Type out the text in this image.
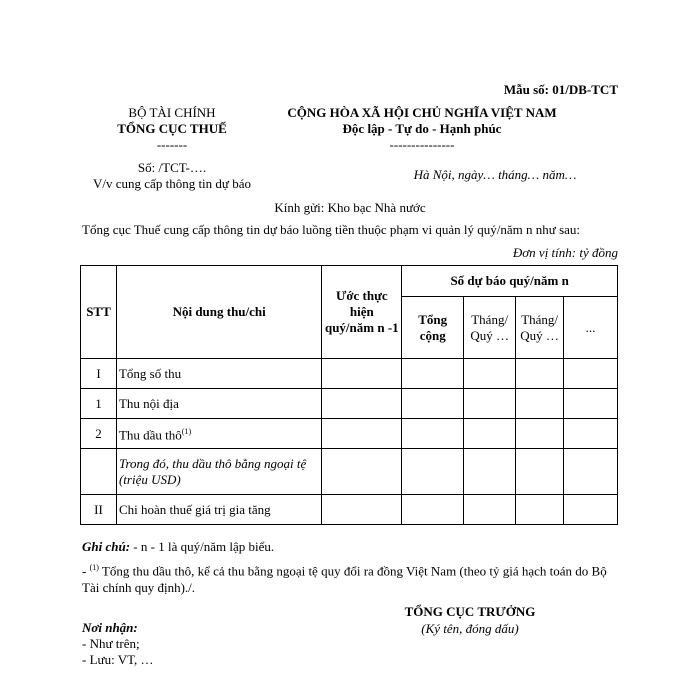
Mẫu số: 01/DB-TCT
BỘ TÀI CHÍNH
TỔNG CỤC THUẾ
-------
CỘNG HÒA XÃ HỘI CHỦ NGHĨA VIỆT NAM
Độc lập - Tự do - Hạnh phúc
---------------
Số: /TCT-….
V/v cung cấp thông tin dự báo
Hà Nội, ngày… tháng… năm…
Kính gửi: Kho bạc Nhà nước
Tổng cục Thuế cung cấp thông tin dự báo luồng tiền thuộc phạm vi quản lý quý/năm n như sau:
Đơn vị tính: tỷ đồng
STT	Nội dung thu/chi	Ước thực hiện quý/năm n -1	Số dự báo quý/năm n			
			Tổng cộng	Tháng/ Quý …	Tháng/ Quý …	...
I	Tổng số thu					
1	Thu nội địa					
2	Thu dầu thô$^{(1)}$					
	Trong đó, thu dầu thô bằng ngoại tệ (triệu USD)					
II	Chi hoàn thuế giá trị gia tăng					

Ghi chú: - n - 1 là quý/năm lập biểu.

- $^{(1)}$ Tổng thu dầu thô, kể cả thu bằng ngoại tệ quy đổi ra đồng Việt Nam (theo tỷ giá hạch toán do Bộ Tài chính quy định)./.

TỔNG CỤC TRƯỞNG
(Ký tên, đóng dấu)
Nơi nhận:
- Như trên;
- Lưu: VT, …
